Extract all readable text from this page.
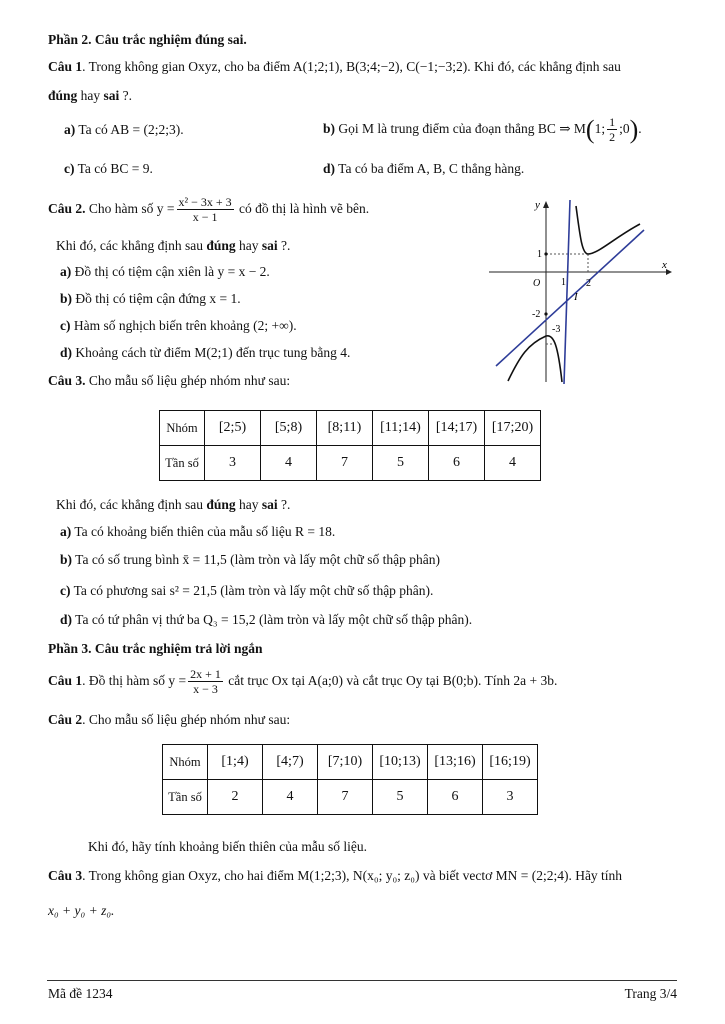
Phần 2. Câu trắc nghiệm đúng sai.
Câu 1. Trong không gian Oxyz, cho ba điểm A(1;2;1), B(3;4;−2), C(−1;−3;2). Khi đó, các khẳng định sau
đúng hay sai ?.
a) Ta có AB = (2;2;3).	b) Gọi M là trung điểm của đoạn thẳng BC ⇒ M(1; $\frac{1}{2}$ ;0).
c) Ta có BC = 9.	d) Ta có ba điểm A, B, C thẳng hàng.
Câu 2. Cho hàm số $y = \frac{\text{x² − 3x + 3}}{x - 1}$ có đồ thị là hình vẽ bên.
Khi đó, các khẳng định sau đúng hay sai ?.
a) Đồ thị có tiệm cận xiên là y = x − 2.
b) Đồ thị có tiệm cận đứng x = 1.
c) Hàm số nghịch biến trên khoảng (2; +∞).
d) Khoảng cách từ điểm M(2;1) đến trục tung bằng 4.
y
x
O 1 2
1
-2
-3
I
Câu 3. Cho mẫu số liệu ghép nhóm như sau:
Nhóm	[2;5)	[5;8)	[8;11)	[11;14)	[14;17)	[17;20)
Tần số	3	4	7	5	6	4
Khi đó, các khẳng định sau đúng hay sai ?.
a) Ta có khoảng biến thiên của mẫu số liệu R = 18.
b) Ta có số trung bình x̄ = 11,5 (làm tròn và lấy một chữ số thập phân)
c) Ta có phương sai s² = 21,5 (làm tròn và lấy một chữ số thập phân).
d) Ta có tứ phân vị thứ ba Q₃ = 15,2 (làm tròn và lấy một chữ số thập phân).
Phần 3. Câu trắc nghiệm trả lời ngắn
Câu 1. Đồ thị hàm số $y = \frac{2x + 1}{x - 3}$ cắt trục Ox tại A(a;0) và cắt trục Oy tại B(0;b). Tính 2a + 3b.
Câu 2. Cho mẫu số liệu ghép nhóm như sau:
Nhóm	[1;4)	[4;7)	[7;10)	[10;13)	[13;16)	[16;19)
Tần số	2	4	7	5	6	3
Khi đó, hãy tính khoảng biến thiên của mẫu số liệu.
Câu 3. Trong không gian Oxyz, cho hai điểm M(1;2;3), N(x₀; y₀; z₀) và biết vectơ MN = (2;2;4). Hãy tính
x₀ + y₀ + z₀.
Mã đề 1234	Trang 3/4
